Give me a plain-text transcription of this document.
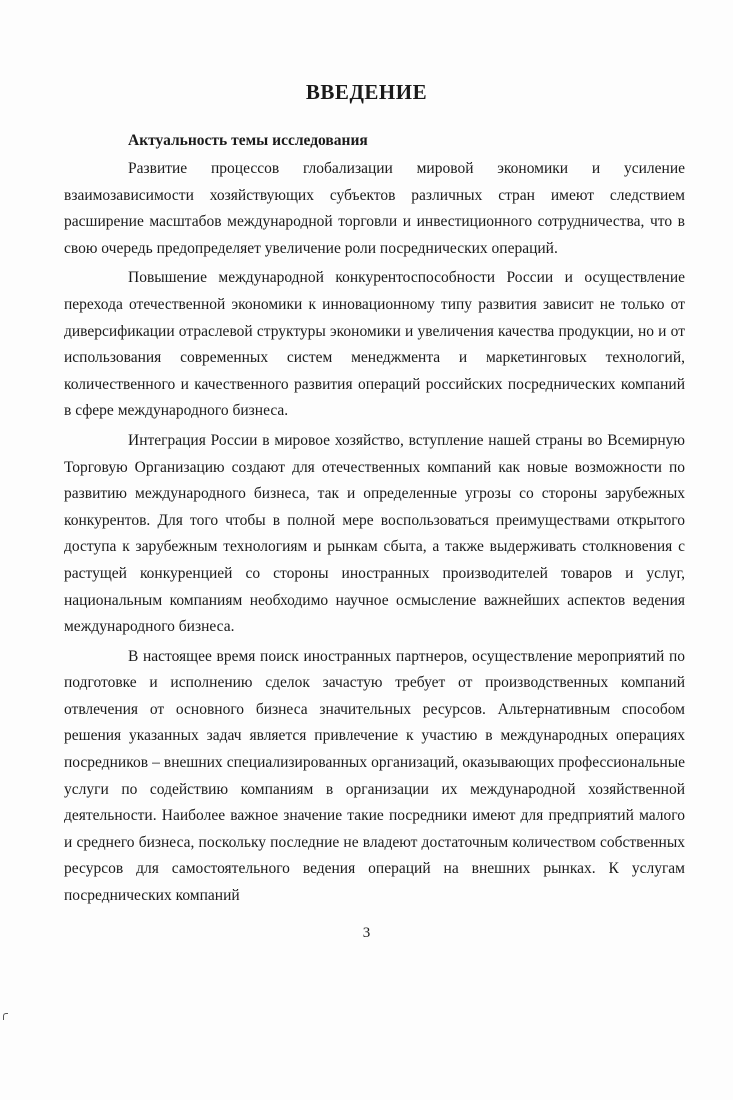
ВВЕДЕНИЕ
Актуальность темы исследования

Развитие процессов глобализации мировой экономики и усиление взаимозависимости хозяйствующих субъектов различных стран имеют следствием расширение масштабов международной торговли и инвестиционного сотрудничества, что в свою очередь предопределяет увеличение роли посреднических операций.

Повышение международной конкурентоспособности России и осуществление перехода отечественной экономики к инновационному типу развития зависит не только от диверсификации отраслевой структуры экономики и увеличения качества продукции, но и от использования современных систем менеджмента и маркетинговых технологий, количественного и качественного развития операций российских посреднических компаний в сфере международного бизнеса.

Интеграция России в мировое хозяйство, вступление нашей страны во Всемирную Торговую Организацию создают для отечественных компаний как новые возможности по развитию международного бизнеса, так и определенные угрозы со стороны зарубежных конкурентов. Для того чтобы в полной мере воспользоваться преимуществами открытого доступа к зарубежным технологиям и рынкам сбыта, а также выдерживать столкновения с растущей конкуренцией со стороны иностранных производителей товаров и услуг, национальным компаниям необходимо научное осмысление важнейших аспектов ведения международного бизнеса.

В настоящее время поиск иностранных партнеров, осуществление мероприятий по подготовке и исполнению сделок зачастую требует от производственных компаний отвлечения от основного бизнеса значительных ресурсов. Альтернативным способом решения указанных задач является привлечение к участию в международных операциях посредников – внешних специализированных организаций, оказывающих профессиональные услуги по содействию компаниям в организации их международной хозяйственной деятельности. Наиболее важное значение такие посредники имеют для предприятий малого и среднего бизнеса, поскольку последние не владеют достаточным количеством собственных ресурсов для самостоятельного ведения операций на внешних рынках. К услугам посреднических компаний

3
